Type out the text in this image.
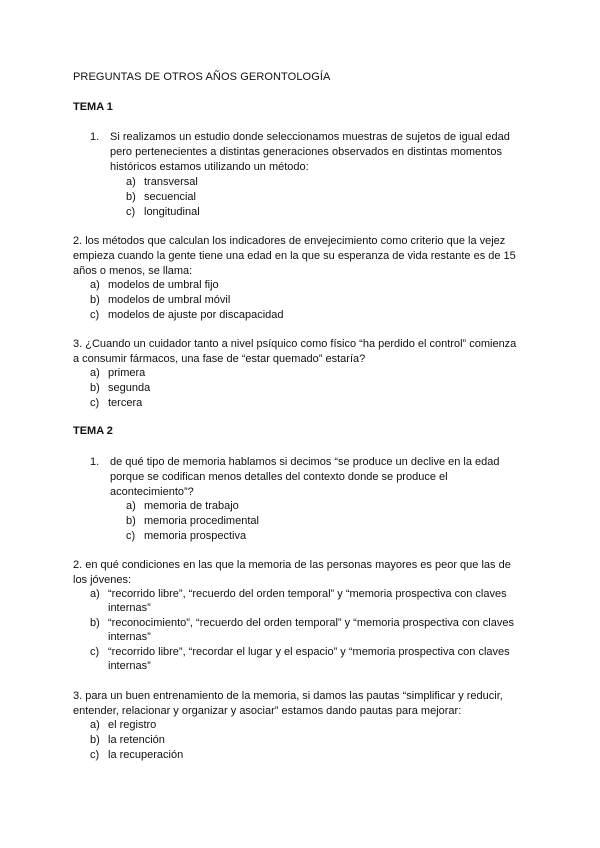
PREGUNTAS DE OTROS AÑOS GERONTOLOGÍA
TEMA 1
1. Si realizamos un estudio donde seleccionamos muestras de sujetos de igual edad
pero pertenecientes a distintas generaciones observados en distintas momentos
históricos estamos utilizando un método:
a) transversal
b) secuencial
c) longitudinal
2. los métodos que calculan los indicadores de envejecimiento como criterio que la vejez
empieza cuando la gente tiene una edad en la que su esperanza de vida restante es de 15
años o menos, se llama:
a) modelos de umbral fijo
b) modelos de umbral móvil
c) modelos de ajuste por discapacidad
3. ¿Cuando un cuidador tanto a nivel psíquico como físico “ha perdido el control” comienza
a consumir fármacos, una fase de “estar quemado” estaría?
a) primera
b) segunda
c) tercera
TEMA 2
1. de qué tipo de memoria hablamos si decimos “se produce un declive en la edad
porque se codifican menos detalles del contexto donde se produce el
acontecimiento”?
a) memoria de trabajo
b) memoria procedimental
c) memoria prospectiva
2. en qué condiciones en las que la memoria de las personas mayores es peor que las de
los jóvenes:
a) “recorrido libre”, “recuerdo del orden temporal” y “memoria prospectiva con claves
internas”
b) “reconocimiento”, “recuerdo del orden temporal” y “memoria prospectiva con claves
internas”
c) “recorrido libre”, “recordar el lugar y el espacio” y “memoria prospectiva con claves
internas”
3. para un buen entrenamiento de la memoria, si damos las pautas “simplificar y reducir,
entender, relacionar y organizar y asociar” estamos dando pautas para mejorar:
a) el registro
b) la retención
c) la recuperación
